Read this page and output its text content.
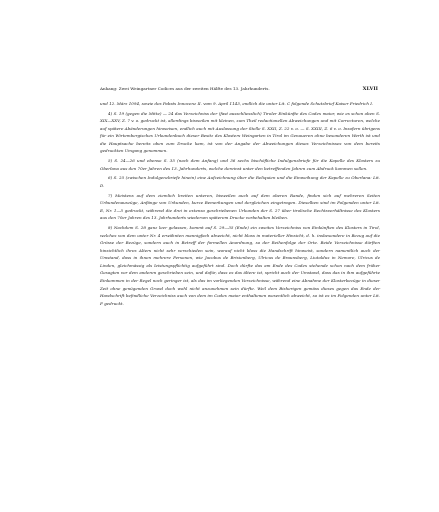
Anhang: Zwei Weingartner Codices aus der zweiten Hälfte des 13. Jahrhunderts.	XLVII

und 12. März 1094, sowie des Pabsts Innocenz II. vom 9. April 1143, endlich die unter Lit. C folgende Schutzbrief Kaiser Friedrich I.

4) S. 19 (gegen die Mitte) — 24 das Verzeichniss der (fast ausschliesslich) Tiroler Einkünfte des Codex maior, wie es schon oben S. XIX—XXV, Z. 7 v. o. gedruckt ist, allerdings bisweilen mit kleinen, zum Theil redactionellen Abweichungen und mit Correcturen, welche auf spätere Abänderungen hinweisen, endlich auch mit Auslassung der Stelle S. XXII, Z. 22 v. o. — S. XXIII, Z. 6 v. o. Insofern übrigens für ein Wirtembergisches Urkundenbuch dieser Besitz des Klosters Weingarten in Tirol im Genaueren ohne besonderen Werth ist und die Hauptsache bereits oben zum Drucke kam, ist von der Angabe der Abweichungen dieses Verzeichnisses von dem bereits gedruckten Umgang genommen.

5) S. 24—26 und ebenso S. 35 (nach dem Anfang) und 36 sechs bischöfliche Indulgenzbriefe für die Kapelle des Klosters zu Oberlana aus den 70er Jahren des 13. Jahrhunderts, welche dereinst unter den betreffenden Jahren zum Abdruck kommen sollen.

6) S. 25 (zwischen Indulgenzbriefe hinein) eine Aufzeichnung über die Reliquien und die Einweihung der Kapelle zu Oberlana: Lit. D.

7) Meistens auf dem ziemlich breiten unteren, bisweilen auch auf dem oberen Rande, finden sich auf mehreren Seiten Urbundenauszüge, Anfänge von Urkunden, kurze Bemerkungen und dergleichen eingetragen. Dieselben sind im Folgenden unter Lit. E, Nr. 1—5 gedruckt, während die drei in extenso geschriebenen Urkunden der S. 27 über tirolische Rechtsverhältnisse des Klosters aus den 70er Jahren des 13. Jahrhunderts wiederum späterem Drucke vorbehalten bleiben.

8) Nachdem S. 28 ganz leer gelassen, kommt auf S. 29—35 (Ende) ein zweites Verzeichniss von Einkünften des Klosters in Tirol, welches von dem unter Nr. 4 erwähnten mannigfach abweicht, nicht bloss in materieller Hinsicht, d. h. insbesondere in Bezug auf die Grösse der Bezüge, sondern auch in Betreff der formellen Anordnung, so der Reihenfolge der Orte. Beide Verzeichnisse dürften hinsichtlich ihres Alters nicht sehr verschieden sein, worauf nicht bloss die Handschrift hinweist, sondern namentlich auch der Umstand, dass in ihnen mehrere Personen, wie Jacobus de Brixienberg, Ulricus de Braunsberg, Liutoldus in Nemore, Ulricus de Linden, gleichmässig als leistungspflichtig aufgeführt sind. Doch dürfte das am Ende des Codex stehende schon nach dem früher Gesagten vor dem anderen geschrieben sein, und dafür, dass es das ältere ist, spricht auch der Umstand, dass das in ihm aufgeführte Einkommen in der Regel noch geringer ist, als das im vorliegenden Verzeichnisse, während eine Abnahme der Klosterbezüge in dieser Zeit ohne genügenden Grund doch wohl nicht anzunehmen sein dürfte. Weil dem Bisherigen gemäss dieses gegen das Ende der Handschrift befindliche Verzeichniss auch von dem im Codex maior enthaltenen wesentlich abweicht, so ist es im Folgenden unter Lit. F gedruckt.
